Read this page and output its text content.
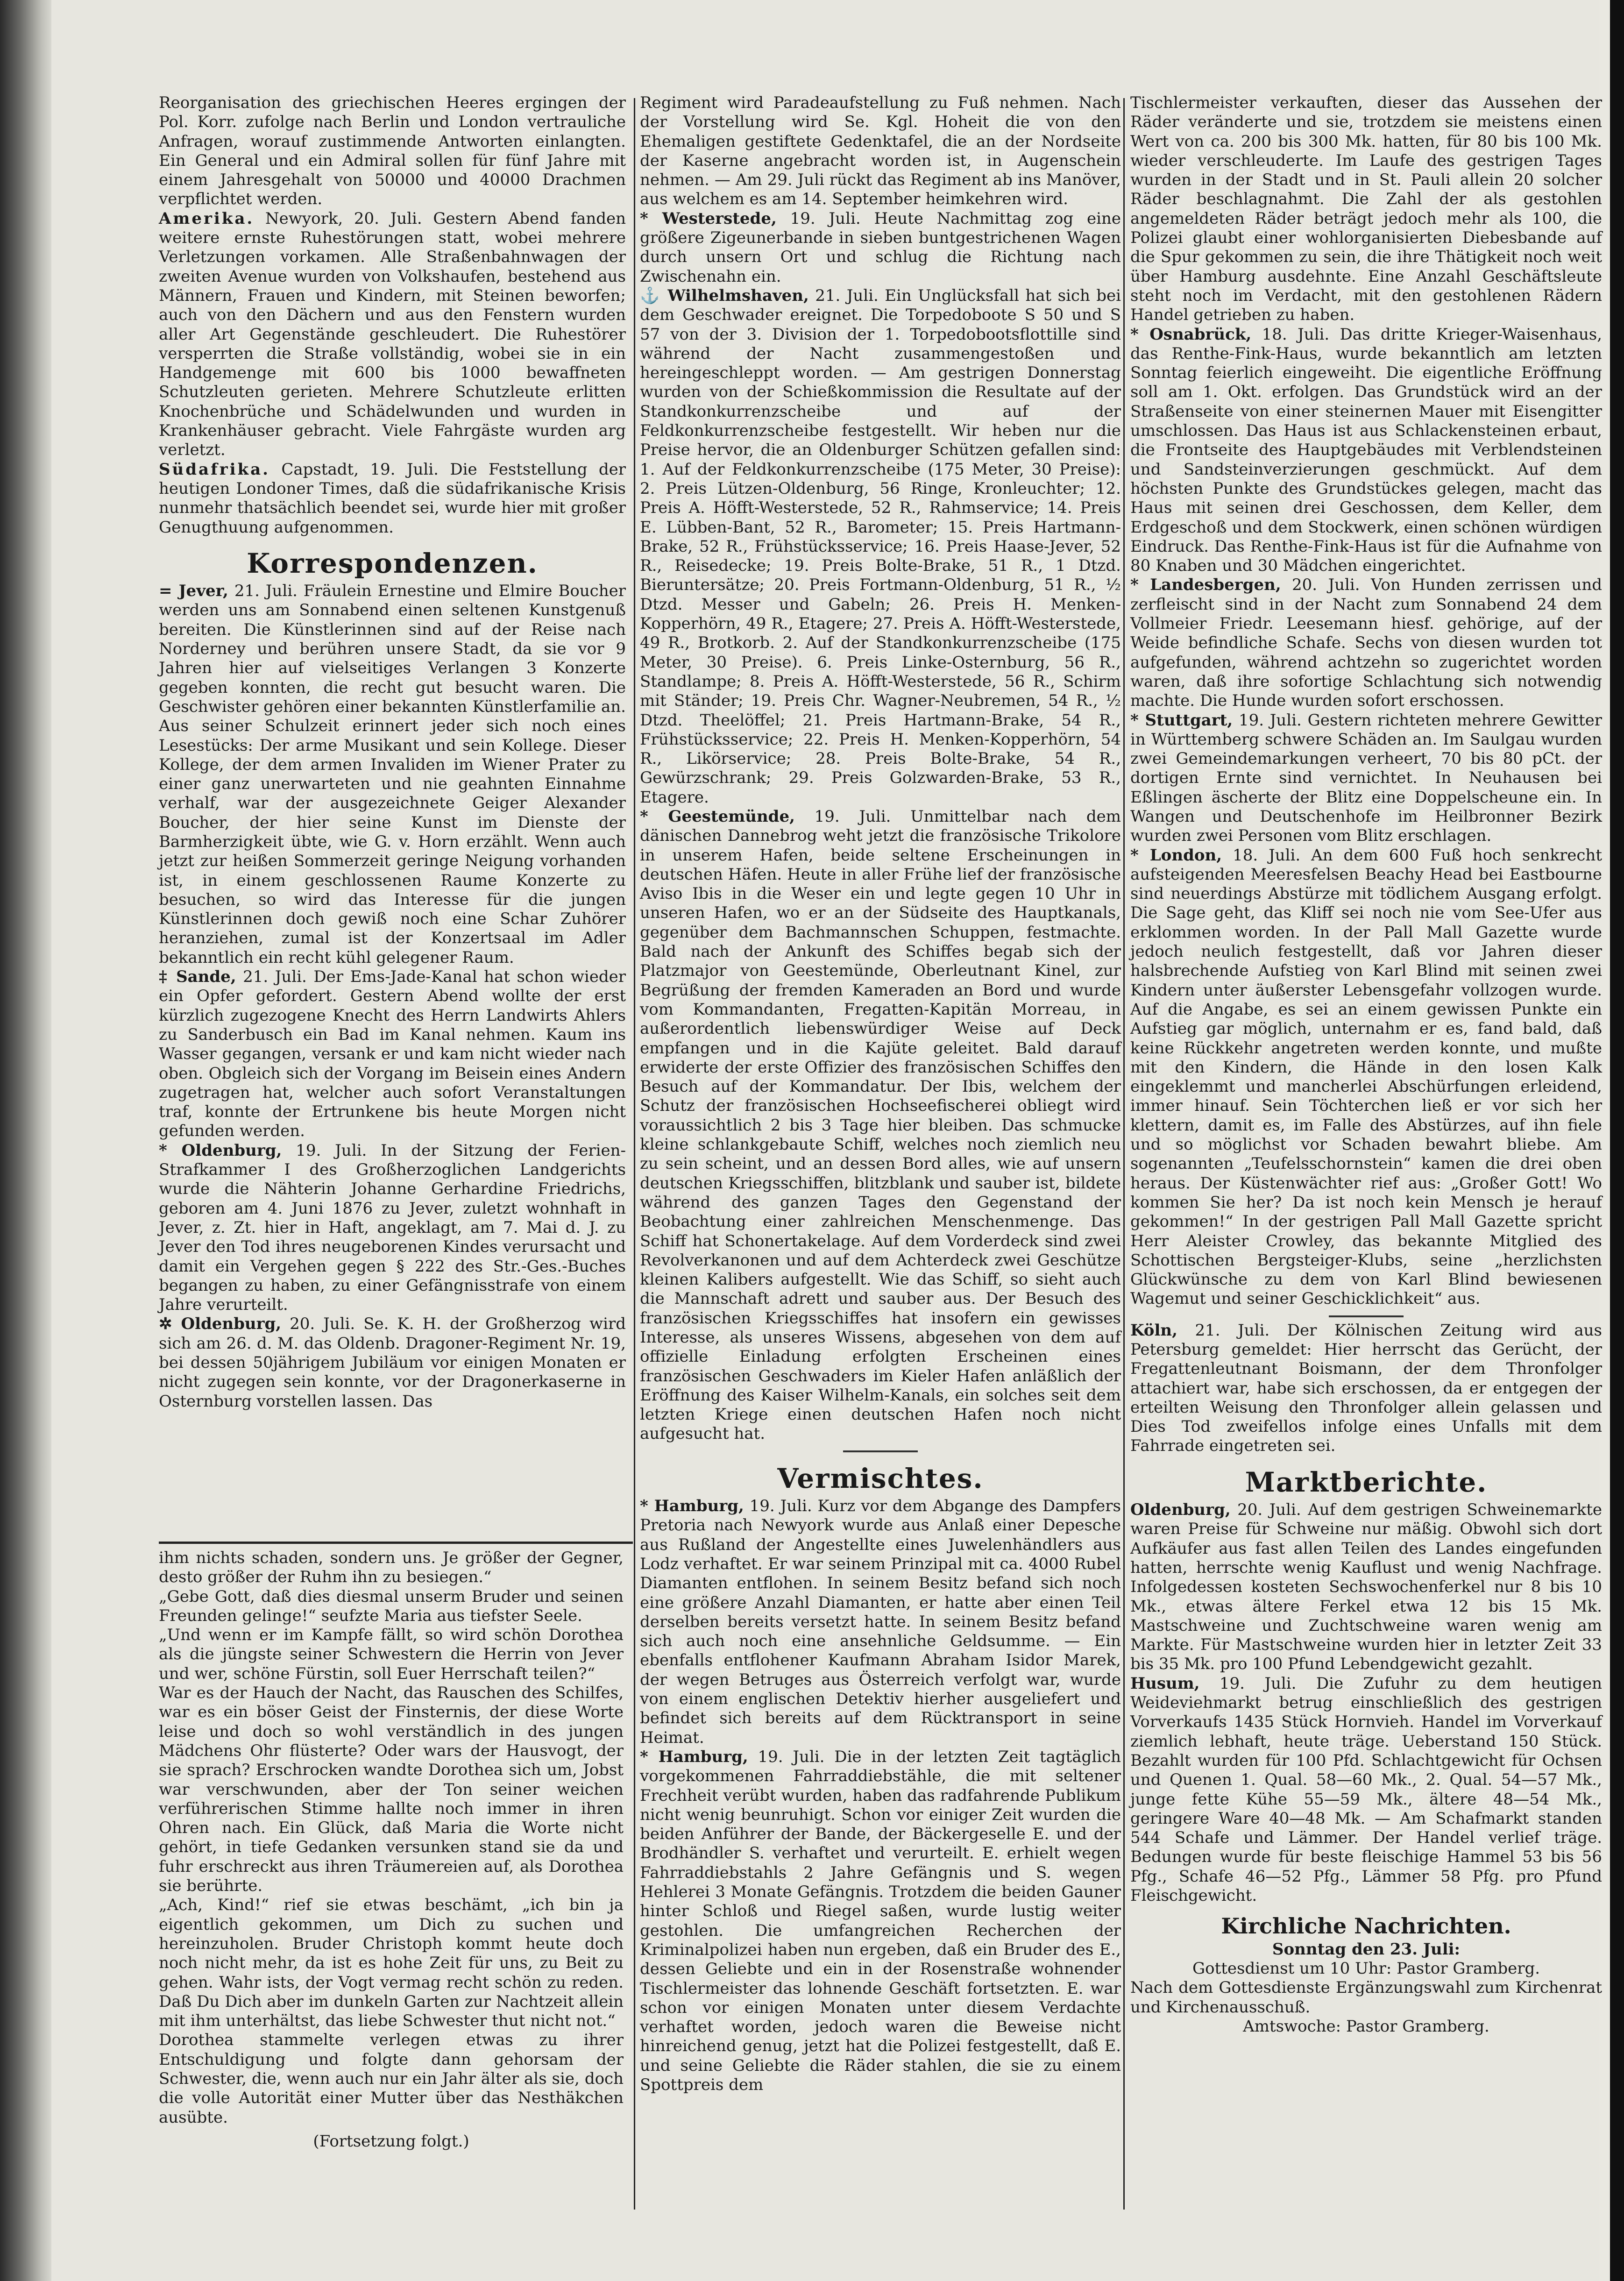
Reorganisation des griechischen Heeres ergingen der Pol. Korr. zufolge nach Berlin und London vertrauliche Anfragen, worauf zustimmende Antworten einlangten. Ein General und ein Admiral sollen für fünf Jahre mit einem Jahresgehalt von 50000 und 40000 Drachmen verpflichtet werden.

Amerika. Newyork, 20. Juli. Gestern Abend fanden weitere ernste Ruhestörungen statt, wobei mehrere Verletzungen vorkamen. Alle Straßenbahnwagen der zweiten Avenue wurden von Volkshaufen, bestehend aus Männern, Frauen und Kindern, mit Steinen beworfen; auch von den Dächern und aus den Fenstern wurden aller Art Gegenstände geschleudert. Die Ruhestörer versperrten die Straße vollständig, wobei sie in ein Handgemenge mit 600 bis 1000 bewaffneten Schutzleuten gerieten. Mehrere Schutzleute erlitten Knochenbrüche und Schädelwunden und wurden in Krankenhäuser gebracht. Viele Fahrgäste wurden arg verletzt.

Südafrika. Capstadt, 19. Juli. Die Feststellung der heutigen Londoner Times, daß die südafrikanische Krisis nunmehr thatsächlich beendet sei, wurde hier mit großer Genugthuung aufgenommen.

Korrespondenzen.

= Jever, 21. Juli. Fräulein Ernestine und Elmire Boucher werden uns am Sonnabend einen seltenen Kunstgenuß bereiten. Die Künstlerinnen sind auf der Reise nach Norderney und berühren unsere Stadt, da sie vor 9 Jahren hier auf vielseitiges Verlangen 3 Konzerte gegeben konnten, die recht gut besucht waren. Die Geschwister gehören einer bekannten Künstlerfamilie an. Aus seiner Schulzeit erinnert jeder sich noch eines Lesestücks: Der arme Musikant und sein Kollege. Dieser Kollege, der dem armen Invaliden im Wiener Prater zu einer ganz unerwarteten und nie geahnten Einnahme verhalf, war der ausgezeichnete Geiger Alexander Boucher, der hier seine Kunst im Dienste der Barmherzigkeit übte, wie G. v. Horn erzählt. Wenn auch jetzt zur heißen Sommerzeit geringe Neigung vorhanden ist, in einem geschlossenen Raume Konzerte zu besuchen, so wird das Interesse für die jungen Künstlerinnen doch gewiß noch eine Schar Zuhörer heranziehen, zumal ist der Konzertsaal im Adler bekanntlich ein recht kühl gelegener Raum.

‡ Sande, 21. Juli. Der Ems-Jade-Kanal hat schon wieder ein Opfer gefordert. Gestern Abend wollte der erst kürzlich zugezogene Knecht des Herrn Landwirts Ahlers zu Sanderbusch ein Bad im Kanal nehmen. Kaum ins Wasser gegangen, versank er und kam nicht wieder nach oben. Obgleich sich der Vorgang im Beisein eines Andern zugetragen hat, welcher auch sofort Veranstaltungen traf, konnte der Ertrunkene bis heute Morgen nicht gefunden werden.

* Oldenburg, 19. Juli. In der Sitzung der Ferien-Strafkammer I des Großherzoglichen Landgerichts wurde die Nähterin Johanne Gerhardine Friedrichs, geboren am 4. Juni 1876 zu Jever, zuletzt wohnhaft in Jever, z. Zt. hier in Haft, angeklagt, am 7. Mai d. J. zu Jever den Tod ihres neugeborenen Kindes verursacht und damit ein Vergehen gegen § 222 des Str.-Ges.-Buches begangen zu haben, zu einer Gefängnisstrafe von einem Jahre verurteilt.

✲ Oldenburg, 20. Juli. Se. K. H. der Großherzog wird sich am 26. d. M. das Oldenb. Dragoner-Regiment Nr. 19, bei dessen 50jährigem Jubiläum vor einigen Monaten er nicht zugegen sein konnte, vor der Dragonerkaserne in Osternburg vorstellen lassen. Das

ihm nichts schaden, sondern uns. Je größer der Gegner, desto größer der Ruhm ihn zu besiegen.“

„Gebe Gott, daß dies diesmal unserm Bruder und seinen Freunden gelinge!“ seufzte Maria aus tiefster Seele.

„Und wenn er im Kampfe fällt, so wird schön Dorothea als die jüngste seiner Schwestern die Herrin von Jever und wer, schöne Fürstin, soll Euer Herrschaft teilen?“

War es der Hauch der Nacht, das Rauschen des Schilfes, war es ein böser Geist der Finsternis, der diese Worte leise und doch so wohl verständlich in des jungen Mädchens Ohr flüsterte? Oder wars der Hausvogt, der sie sprach? Erschrocken wandte Dorothea sich um, Jobst war verschwunden, aber der Ton seiner weichen verführerischen Stimme hallte noch immer in ihren Ohren nach. Ein Glück, daß Maria die Worte nicht gehört, in tiefe Gedanken versunken stand sie da und fuhr erschreckt aus ihren Träumereien auf, als Dorothea sie berührte.

„Ach, Kind!“ rief sie etwas beschämt, „ich bin ja eigentlich gekommen, um Dich zu suchen und hereinzuholen. Bruder Christoph kommt heute doch noch nicht mehr, da ist es hohe Zeit für uns, zu Beit zu gehen. Wahr ists, der Vogt vermag recht schön zu reden. Daß Du Dich aber im dunkeln Garten zur Nachtzeit allein mit ihm unterhältst, das liebe Schwester thut nicht not.“

Dorothea stammelte verlegen etwas zu ihrer Entschuldigung und folgte dann gehorsam der Schwester, die, wenn auch nur ein Jahr älter als sie, doch die volle Autorität einer Mutter über das Nesthäkchen ausübte.

(Fortsetzung folgt.)

Regiment wird Paradeaufstellung zu Fuß nehmen. Nach der Vorstellung wird Se. Kgl. Hoheit die von den Ehemaligen gestiftete Gedenktafel, die an der Nordseite der Kaserne angebracht worden ist, in Augenschein nehmen. — Am 29. Juli rückt das Regiment ab ins Manöver, aus welchem es am 14. September heimkehren wird.

* Westerstede, 19. Juli. Heute Nachmittag zog eine größere Zigeunerbande in sieben buntgestrichenen Wagen durch unsern Ort und schlug die Richtung nach Zwischenahn ein.

⚓ Wilhelmshaven, 21. Juli. Ein Unglücksfall hat sich bei dem Geschwader ereignet. Die Torpedoboote S 50 und S 57 von der 3. Division der 1. Torpedobootsflottille sind während der Nacht zusammengestoßen und hereingeschleppt worden. — Am gestrigen Donnerstag wurden von der Schießkommission die Resultate auf der Standkonkurrenzscheibe und auf der Feldkonkurrenzscheibe festgestellt. Wir heben nur die Preise hervor, die an Oldenburger Schützen gefallen sind: 1. Auf der Feldkonkurrenzscheibe (175 Meter, 30 Preise): 2. Preis Lützen-Oldenburg, 56 Ringe, Kronleuchter; 12. Preis A. Höfft-Westerstede, 52 R., Rahmservice; 14. Preis E. Lübben-Bant, 52 R., Barometer; 15. Preis Hartmann-Brake, 52 R., Frühstücksservice; 16. Preis Haase-Jever, 52 R., Reisedecke; 19. Preis Bolte-Brake, 51 R., 1 Dtzd. Bieruntersätze; 20. Preis Fortmann-Oldenburg, 51 R., ½ Dtzd. Messer und Gabeln; 26. Preis H. Menken-Kopperhörn, 49 R., Etagere; 27. Preis A. Höfft-Westerstede, 49 R., Brotkorb. 2. Auf der Standkonkurrenzscheibe (175 Meter, 30 Preise). 6. Preis Linke-Osternburg, 56 R., Standlampe; 8. Preis A. Höfft-Westerstede, 56 R., Schirm mit Ständer; 19. Preis Chr. Wagner-Neubremen, 54 R., ½ Dtzd. Theelöffel; 21. Preis Hartmann-Brake, 54 R., Frühstücksservice; 22. Preis H. Menken-Kopperhörn, 54 R., Likörservice; 28. Preis Bolte-Brake, 54 R., Gewürzschrank; 29. Preis Golzwarden-Brake, 53 R., Etagere.

* Geestemünde, 19. Juli. Unmittelbar nach dem dänischen Dannebrog weht jetzt die französische Trikolore in unserem Hafen, beide seltene Erscheinungen in deutschen Häfen. Heute in aller Frühe lief der französische Aviso Ibis in die Weser ein und legte gegen 10 Uhr in unseren Hafen, wo er an der Südseite des Hauptkanals, gegenüber dem Bachmannschen Schuppen, festmachte. Bald nach der Ankunft des Schiffes begab sich der Platzmajor von Geestemünde, Oberleutnant Kinel, zur Begrüßung der fremden Kameraden an Bord und wurde vom Kommandanten, Fregatten-Kapitän Morreau, in außerordentlich liebenswürdiger Weise auf Deck empfangen und in die Kajüte geleitet. Bald darauf erwiderte der erste Offizier des französischen Schiffes den Besuch auf der Kommandatur. Der Ibis, welchem der Schutz der französischen Hochseefischerei obliegt wird voraussichtlich 2 bis 3 Tage hier bleiben. Das schmucke kleine schlankgebaute Schiff, welches noch ziemlich neu zu sein scheint, und an dessen Bord alles, wie auf unsern deutschen Kriegsschiffen, blitzblank und sauber ist, bildete während des ganzen Tages den Gegenstand der Beobachtung einer zahlreichen Menschenmenge. Das Schiff hat Schonertakelage. Auf dem Vorderdeck sind zwei Revolverkanonen und auf dem Achterdeck zwei Geschütze kleinen Kalibers aufgestellt. Wie das Schiff, so sieht auch die Mannschaft adrett und sauber aus. Der Besuch des französischen Kriegsschiffes hat insofern ein gewisses Interesse, als unseres Wissens, abgesehen von dem auf offizielle Einladung erfolgten Erscheinen eines französischen Geschwaders im Kieler Hafen anläßlich der Eröffnung des Kaiser Wilhelm-Kanals, ein solches seit dem letzten Kriege einen deutschen Hafen noch nicht aufgesucht hat.

Vermischtes.

* Hamburg, 19. Juli. Kurz vor dem Abgange des Dampfers Pretoria nach Newyork wurde aus Anlaß einer Depesche aus Rußland der Angestellte eines Juwelenhändlers aus Lodz verhaftet. Er war seinem Prinzipal mit ca. 4000 Rubel Diamanten entflohen. In seinem Besitz befand sich noch eine größere Anzahl Diamanten, er hatte aber einen Teil derselben bereits versetzt hatte. In seinem Besitz befand sich auch noch eine ansehnliche Geldsumme. — Ein ebenfalls entflohener Kaufmann Abraham Isidor Marek, der wegen Betruges aus Österreich verfolgt war, wurde von einem englischen Detektiv hierher ausgeliefert und befindet sich bereits auf dem Rücktransport in seine Heimat.

* Hamburg, 19. Juli. Die in der letzten Zeit tagtäglich vorgekommenen Fahrraddiebstähle, die mit seltener Frechheit verübt wurden, haben das radfahrende Publikum nicht wenig beunruhigt. Schon vor einiger Zeit wurden die beiden Anführer der Bande, der Bäckergeselle E. und der Brodhändler S. verhaftet und verurteilt. E. erhielt wegen Fahrraddiebstahls 2 Jahre Gefängnis und S. wegen Hehlerei 3 Monate Gefängnis. Trotzdem die beiden Gauner hinter Schloß und Riegel saßen, wurde lustig weiter gestohlen. Die umfangreichen Recherchen der Kriminalpolizei haben nun ergeben, daß ein Bruder des E., dessen Geliebte und ein in der Rosenstraße wohnender Tischlermeister das lohnende Geschäft fortsetzten. E. war schon vor einigen Monaten unter diesem Verdachte verhaftet worden, jedoch waren die Beweise nicht hinreichend genug, jetzt hat die Polizei festgestellt, daß E. und seine Geliebte die Räder stahlen, die sie zu einem Spottpreis dem

Tischlermeister verkauften, dieser das Aussehen der Räder veränderte und sie, trotzdem sie meistens einen Wert von ca. 200 bis 300 Mk. hatten, für 80 bis 100 Mk. wieder verschleuderte. Im Laufe des gestrigen Tages wurden in der Stadt und in St. Pauli allein 20 solcher Räder beschlagnahmt. Die Zahl der als gestohlen angemeldeten Räder beträgt jedoch mehr als 100, die Polizei glaubt einer wohlorganisierten Diebesbande auf die Spur gekommen zu sein, die ihre Thätigkeit noch weit über Hamburg ausdehnte. Eine Anzahl Geschäftsleute steht noch im Verdacht, mit den gestohlenen Rädern Handel getrieben zu haben.

* Osnabrück, 18. Juli. Das dritte Krieger-Waisenhaus, das Renthe-Fink-Haus, wurde bekanntlich am letzten Sonntag feierlich eingeweiht. Die eigentliche Eröffnung soll am 1. Okt. erfolgen. Das Grundstück wird an der Straßenseite von einer steinernen Mauer mit Eisengitter umschlossen. Das Haus ist aus Schlackensteinen erbaut, die Frontseite des Hauptgebäudes mit Verblendsteinen und Sandsteinverzierungen geschmückt. Auf dem höchsten Punkte des Grundstückes gelegen, macht das Haus mit seinen drei Geschossen, dem Keller, dem Erdgeschoß und dem Stockwerk, einen schönen würdigen Eindruck. Das Renthe-Fink-Haus ist für die Aufnahme von 80 Knaben und 30 Mädchen eingerichtet.

* Landesbergen, 20. Juli. Von Hunden zerrissen und zerfleischt sind in der Nacht zum Sonnabend 24 dem Vollmeier Friedr. Leesemann hiesf. gehörige, auf der Weide befindliche Schafe. Sechs von diesen wurden tot aufgefunden, während achtzehn so zugerichtet worden waren, daß ihre sofortige Schlachtung sich notwendig machte. Die Hunde wurden sofort erschossen.

* Stuttgart, 19. Juli. Gestern richteten mehrere Gewitter in Württemberg schwere Schäden an. Im Saulgau wurden zwei Gemeindemarkungen verheert, 70 bis 80 pCt. der dortigen Ernte sind vernichtet. In Neuhausen bei Eßlingen äscherte der Blitz eine Doppelscheune ein. In Wangen und Deutschenhofe im Heilbronner Bezirk wurden zwei Personen vom Blitz erschlagen.

* London, 18. Juli. An dem 600 Fuß hoch senkrecht aufsteigenden Meeresfelsen Beachy Head bei Eastbourne sind neuerdings Abstürze mit tödlichem Ausgang erfolgt. Die Sage geht, das Kliff sei noch nie vom See-Ufer aus erklommen worden. In der Pall Mall Gazette wurde jedoch neulich festgestellt, daß vor Jahren dieser halsbrechende Aufstieg von Karl Blind mit seinen zwei Kindern unter äußerster Lebensgefahr vollzogen wurde. Auf die Angabe, es sei an einem gewissen Punkte ein Aufstieg gar möglich, unternahm er es, fand bald, daß keine Rückkehr angetreten werden konnte, und mußte mit den Kindern, die Hände in den losen Kalk eingeklemmt und mancherlei Abschürfungen erleidend, immer hinauf. Sein Töchterchen ließ er vor sich her klettern, damit es, im Falle des Abstürzes, auf ihn fiele und so möglichst vor Schaden bewahrt bliebe. Am sogenannten „Teufelsschornstein“ kamen die drei oben heraus. Der Küstenwächter rief aus: „Großer Gott! Wo kommen Sie her? Da ist noch kein Mensch je herauf gekommen!“ In der gestrigen Pall Mall Gazette spricht Herr Aleister Crowley, das bekannte Mitglied des Schottischen Bergsteiger-Klubs, seine „herzlichsten Glückwünsche zu dem von Karl Blind bewiesenen Wagemut und seiner Geschicklichkeit“ aus.

Köln, 21. Juli. Der Kölnischen Zeitung wird aus Petersburg gemeldet: Hier herrscht das Gerücht, der Fregattenleutnant Boismann, der dem Thronfolger attachiert war, habe sich erschossen, da er entgegen der erteilten Weisung den Thronfolger allein gelassen und Dies Tod zweifellos infolge eines Unfalls mit dem Fahrrade eingetreten sei.

Marktberichte.

Oldenburg, 20. Juli. Auf dem gestrigen Schweinemarkte waren Preise für Schweine nur mäßig. Obwohl sich dort Aufkäufer aus fast allen Teilen des Landes eingefunden hatten, herrschte wenig Kauflust und wenig Nachfrage. Infolgedessen kosteten Sechswochenferkel nur 8 bis 10 Mk., etwas ältere Ferkel etwa 12 bis 15 Mk. Mastschweine und Zuchtschweine waren wenig am Markte. Für Mastschweine wurden hier in letzter Zeit 33 bis 35 Mk. pro 100 Pfund Lebendgewicht gezahlt.

Husum, 19. Juli. Die Zufuhr zu dem heutigen Weideviehmarkt betrug einschließlich des gestrigen Vorverkaufs 1435 Stück Hornvieh. Handel im Vorverkauf ziemlich lebhaft, heute träge. Ueberstand 150 Stück. Bezahlt wurden für 100 Pfd. Schlachtgewicht für Ochsen und Quenen 1. Qual. 58—60 Mk., 2. Qual. 54—57 Mk., junge fette Kühe 55—59 Mk., ältere 48—54 Mk., geringere Ware 40—48 Mk. — Am Schafmarkt standen 544 Schafe und Lämmer. Der Handel verlief träge. Bedungen wurde für beste fleischige Hammel 53 bis 56 Pfg., Schafe 46—52 Pfg., Lämmer 58 Pfg. pro Pfund Fleischgewicht.

Kirchliche Nachrichten.
Sonntag den 23. Juli:
Gottesdienst um 10 Uhr: Pastor Gramberg.

Nach dem Gottesdienste Ergänzungswahl zum Kirchenrat und Kirchenausschuß.

Amtswoche: Pastor Gramberg.
